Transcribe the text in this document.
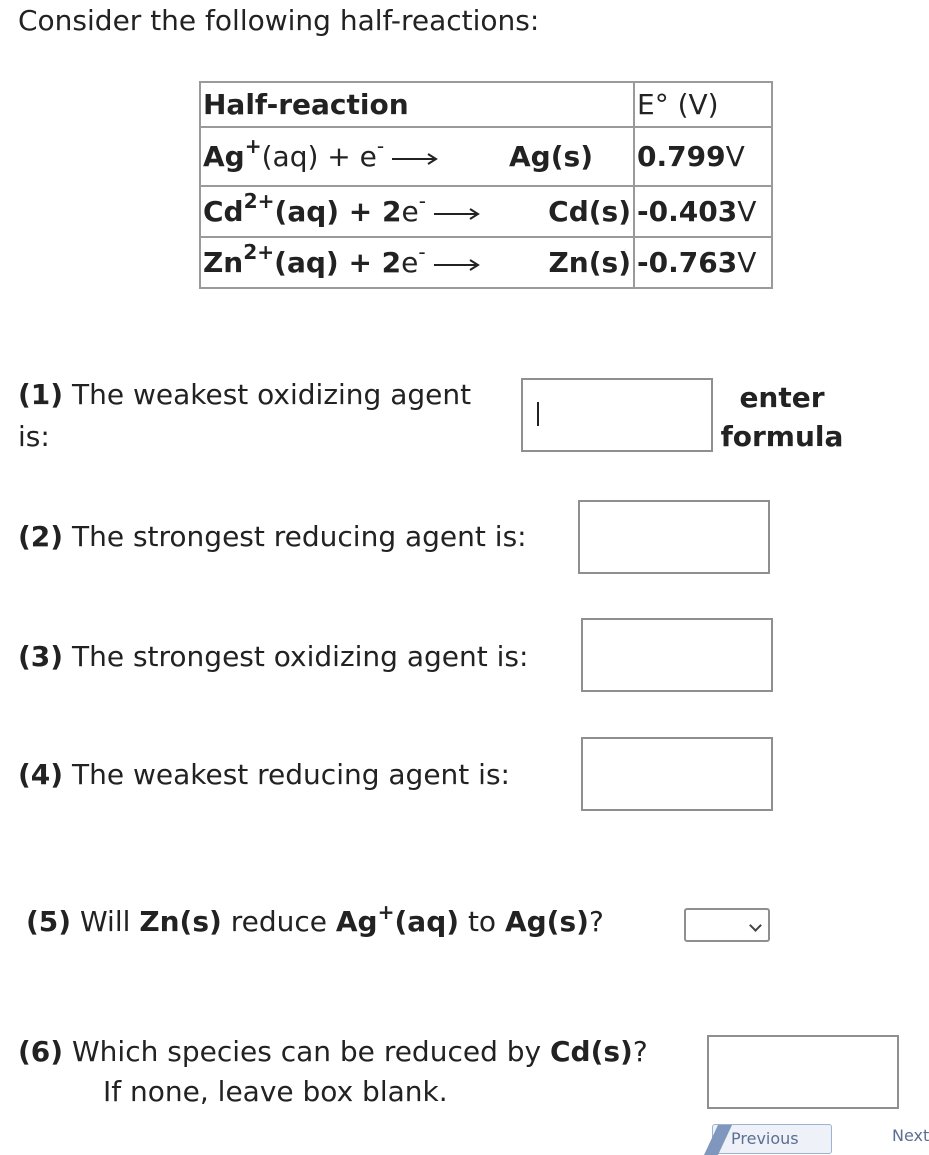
Consider the following half-reactions:
Half-reaction	E° (V)

Ag+(aq) + e- → Ag(s)	0.799V

$Cd^{2+}(aq) + 2e^- \to Cd(s)$	-0.403V

$Zn^{2+}(aq) + 2e^- \to Zn(s)$	-0.763V
(1) The weakest oxidizing agent
is:
enter
formula
(2) The strongest reducing agent is:
(3) The strongest oxidizing agent is:
(4) The weakest reducing agent is:
(5) Will Zn(s) reduce Ag+(aq) to Ag(s)?
(6) Which species can be reduced by Cd(s)?
If none, leave box blank.
Previous	Next
